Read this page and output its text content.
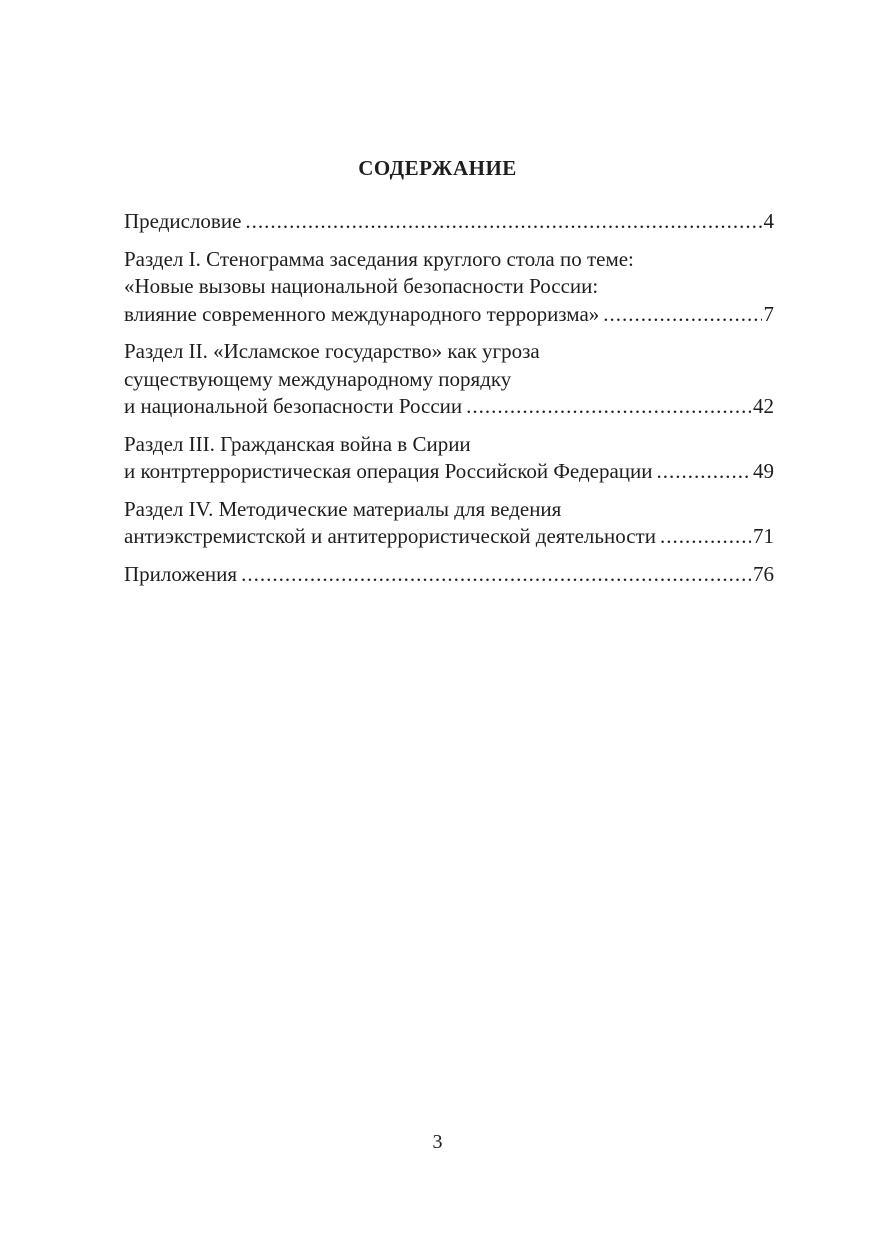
СОДЕРЖАНИЕ
Предисловие .....	4
Раздел I. Стенограмма заседания круглого стола по теме:
«Новые вызовы национальной безопасности России:
влияние современного международного терроризма» .....	7
Раздел II. «Исламское государство» как угроза
существующему международному порядку
и национальной безопасности России .....	42
Раздел III. Гражданская война в Сирии
и контртеррористическая операция Российской Федерации .....	49
Раздел IV. Методические материалы для ведения
антиэкстремистской и антитеррористической деятельности .....	71
Приложения .....	76
3
